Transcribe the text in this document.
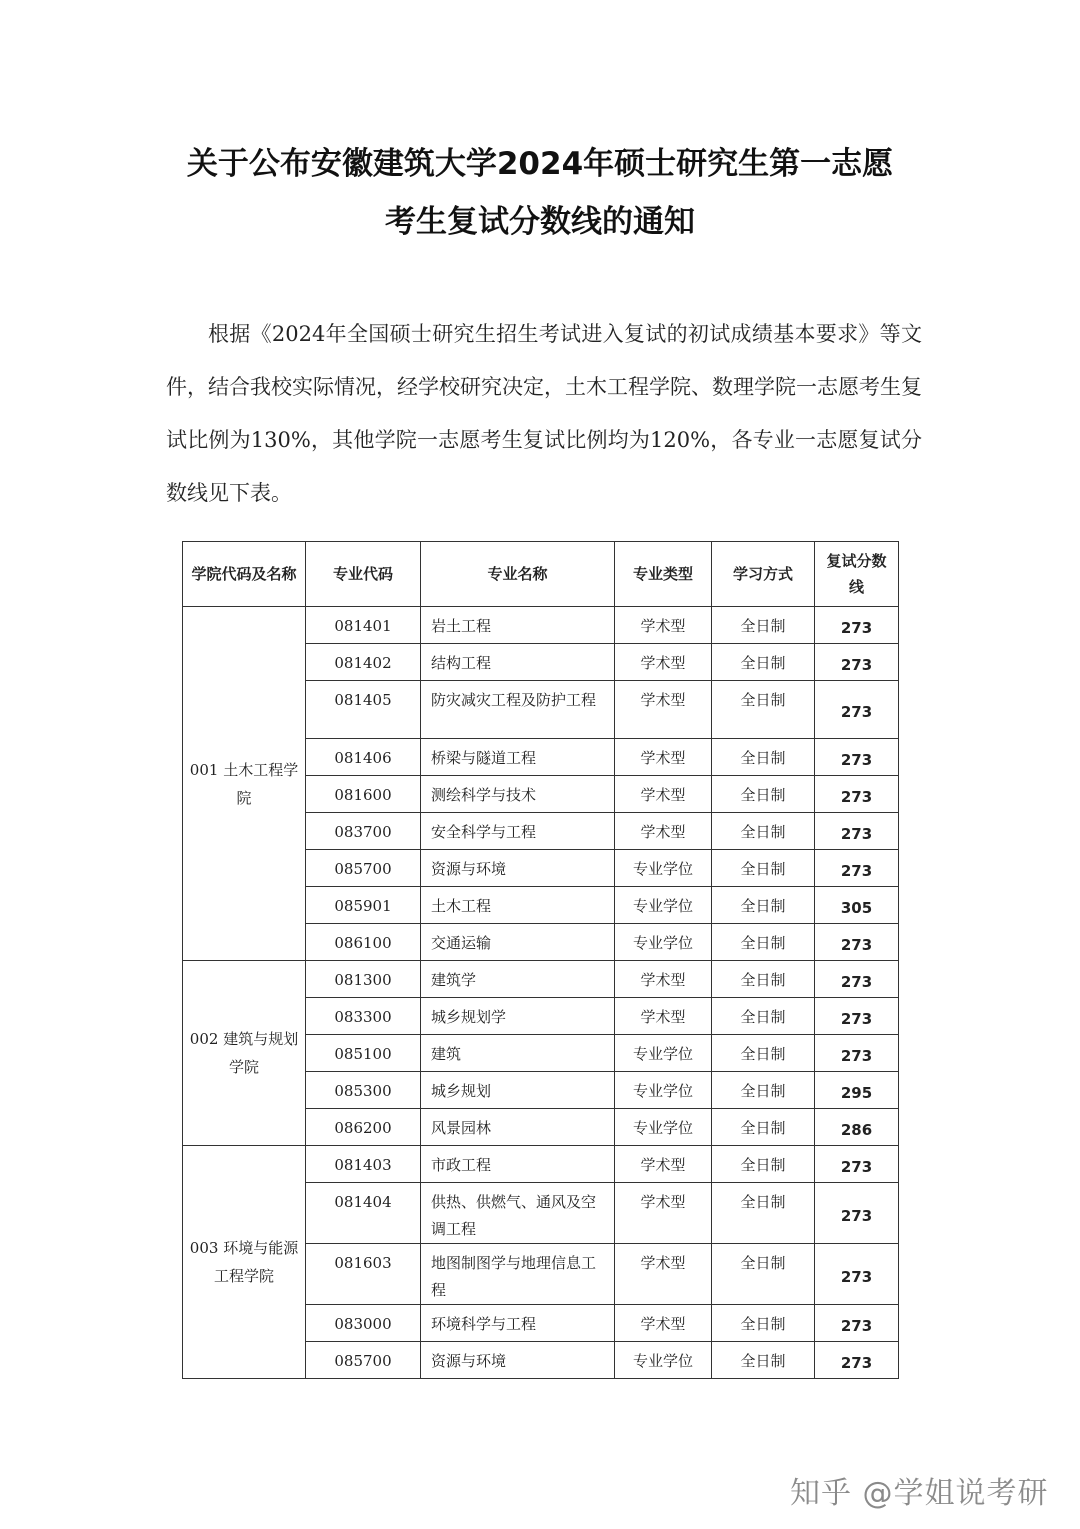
关于公布安徽建筑大学2024年硕士研究生第一志愿
考生复试分数线的通知
根据《2024年全国硕士研究生招生考试进入复试的初试成绩基本要求》等文件，结合我校实际情况，经学校研究决定，土木工程学院、数理学院一志愿考生复试比例为130%，其他学院一志愿考生复试比例均为120%，各专业一志愿复试分数线见下表。
学院代码及名称	专业代码	专业名称	专业类型	学习方式	复试分数线
001 土木工程学院	081401	岩土工程	学术型	全日制	273
	081402	结构工程	学术型	全日制	273
	081405	防灾减灾工程及防护工程	学术型	全日制	273
	081406	桥梁与隧道工程	学术型	全日制	273
	081600	测绘科学与技术	学术型	全日制	273
	083700	安全科学与工程	学术型	全日制	273
	085700	资源与环境	专业学位	全日制	273
	085901	土木工程	专业学位	全日制	305
	086100	交通运输	专业学位	全日制	273
002 建筑与规划学院	081300	建筑学	学术型	全日制	273
	083300	城乡规划学	学术型	全日制	273
	085100	建筑	专业学位	全日制	273
	085300	城乡规划	专业学位	全日制	295
	086200	风景园林	专业学位	全日制	286
003 环境与能源工程学院	081403	市政工程	学术型	全日制	273
	081404	供热、供燃气、通风及空调工程	学术型	全日制	273
	081603	地图制图学与地理信息工程	学术型	全日制	273
	083000	环境科学与工程	学术型	全日制	273
	085700	资源与环境	专业学位	全日制	273
知乎 @学姐说考研
